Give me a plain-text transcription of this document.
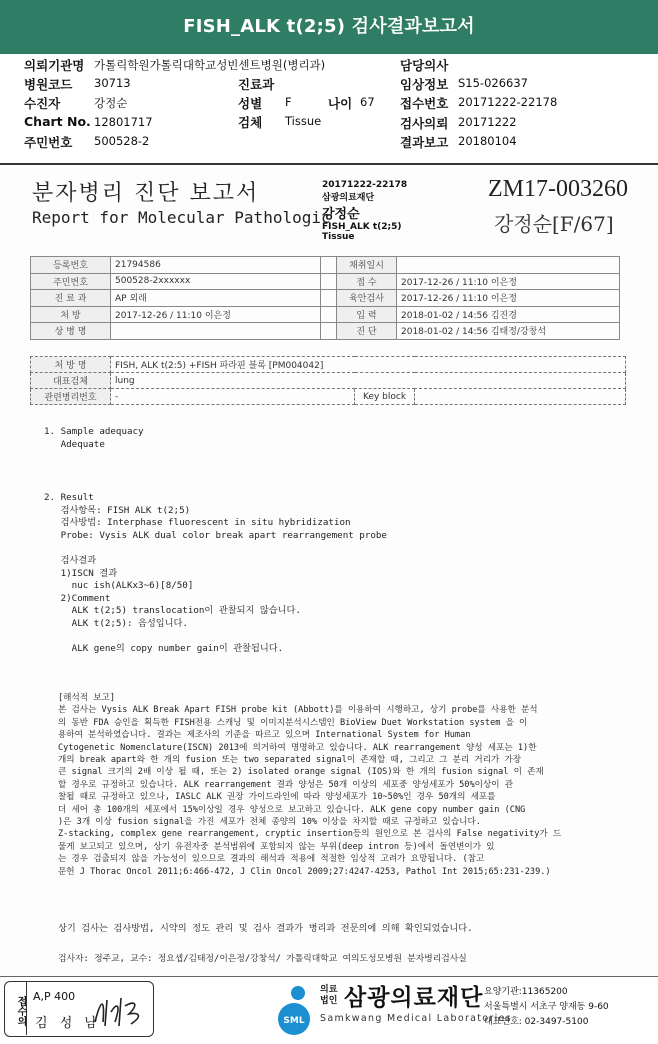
FISH_ALK t(2;5) 검사결과보고서
의뢰기관명 가톨릭학원가톨릭대학교성빈센트병원(병리과)
병원코드 30713	진료과
수진자	강정순	성별 F	나이 67
Chart No. 12801717	검체 Tissue
주민번호 500528-2
담당의사
임상정보 S15-026637
접수번호 20171222-22178
검사의뢰 20171222
결과보고 20180104
분자병리 진단 보고서
Report for Molecular Pathologic
20171222-22178
삼광의료재단
강정순
FISH_ALK t(2;5)
Tissue
ZM17-003260
강정순[F/67]
등록번호	21794586		채취일시	
주민번호	500528-2xxxxxx		접 수	2017-12-26 / 11:10 이은정
진 료 과	AP 외래		육안검사	2017-12-26 / 11:10 이은정
처 방	2017-12-26 / 11:10 이은정		입 력	2018-01-02 / 14:56 김진경
상 병 명			진 단	2018-01-02 / 14:56 김태정/강창석
처 방 명	FISH, ALK t(2:5) +FISH 파라핀 블록 [PM004042]		
대표검체	lung		
관련병리번호	-	Key block	
1. Sample adequacy
Adequate
2. Result
검사항목: FISH ALK t(2;5)
검사방법: Interphase fluorescent in situ hybridization
Probe: Vysis ALK dual color break apart rearrangement probe

검사결과
1)ISCN 결과
nuc ish(ALKx3~6)[8/50]
2)Comment
ALK t(2;5) translocation이 관찰되지 않습니다.
ALK t(2;5): 음성입니다.

ALK gene의 copy number gain이 관찰됩니다.
[해석적 보고]
본 검사는 Vysis ALK Break Apart FISH probe kit (Abbott)를 이용하여 시행하고, 상기 probe를 사용한 분석
의 동반 FDA 승인을 획득한 FISH전용 스캐닝 및 이미지분석시스템인 BioView Duet Workstation system 을 이
용하여 분석하였습니다. 결과는 제조사의 기준을 따르고 있으며 International System for Human
Cytogenetic Nomenclature(ISCN) 2013에 의거하여 명명하고 있습니다. ALK rearrangement 양성 세포는 1)한
개의 break apart와 한 개의 fusion 또는 two separated signal이 존재할 때, 그리고 그 분리 거리가 가장
큰 signal 크기의 2배 이상 될 때, 또는 2) isolated orange signal (IOS)와 한 개의 fusion signal 이 존재
할 경우로 규정하고 있습니다. ALK rearrangement 결과 양성은 50개 이상의 세포중 양성세포가 50%이상이 관
찰될 때로 규정하고 있으나, IASLC ALK 권장 가이드라인에 따라 양성세포가 10~50%인 경우 50개의 세포를
더 세어 총 100개의 세포에서 15%이상일 경우 양성으로 보고하고 있습니다. ALK gene copy number gain (CNG
)은 3개 이상 fusion signal을 가진 세포가 전체 종양의 10% 이상을 차지할 때로 규정하고 있습니다.
Z-stacking, complex gene rearrangement, cryptic insertion등의 원인으로 본 검사의 False negativity가 드
물게 보고되고 있으며, 상기 유전자중 분석범위에 포함되지 않는 부위(deep intron 등)에서 돌연변이가 있
는 경우 검출되지 않을 가능성이 있으므로 결과의 해석과 적용에 적절한 임상적 고려가 요망됩니다. (참고
문헌 J Thorac Oncol 2011;6:466-472, J Clin Oncol 2009;27:4247-4253, Pathol Int 2015;65:231-239.)
상기 검사는 검사방법, 시약의 정도 관리 및 검사 결과가 병리과 전문의에 의해 확인되었습니다.
검사자: 정주교, 교수: 정요셉/김태정/이은정/강창석/ 가톨릭대학교 여의도성모병원 분자병리검사실
접수의 A,P 400
김 성 남	SML
의료법인 삼광의료재단
Samkwang Medical Laboratories
요양기관:11365200
서울특별시 서초구 양재동 9-60
대표번호: 02-3497-5100
